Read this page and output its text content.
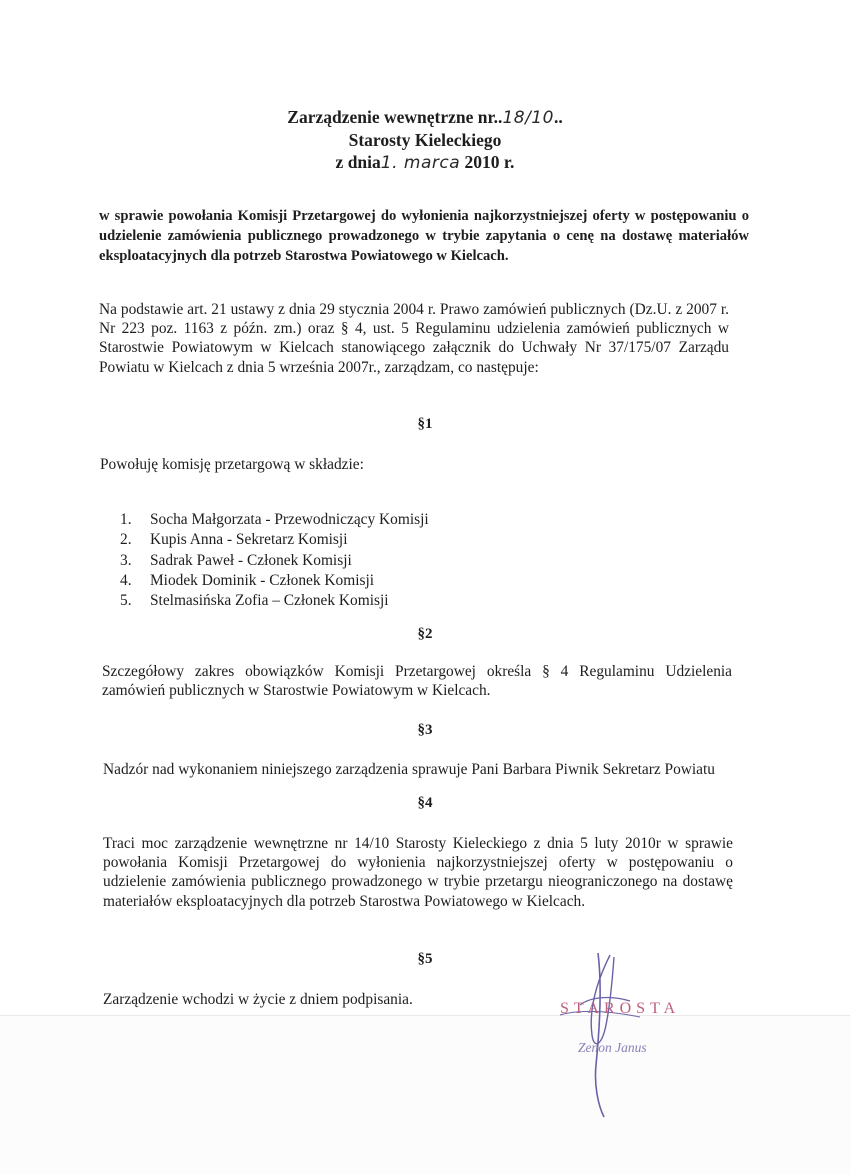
Zarządzenie wewnętrzne nr..18/10..
Starosty Kieleckiego
z dnia1. marca 2010 r.
w sprawie powołania Komisji Przetargowej do wyłonienia najkorzystniejszej oferty w postępowaniu o udzielenie zamówienia publicznego prowadzonego w trybie zapytania o cenę na dostawę materiałów eksploatacyjnych dla potrzeb Starostwa Powiatowego w Kielcach.
Na podstawie art. 21 ustawy z dnia 29 stycznia 2004 r. Prawo zamówień publicznych (Dz.U. z 2007 r. Nr 223 poz. 1163 z późn. zm.) oraz § 4, ust. 5 Regulaminu udzielenia zamówień publicznych w Starostwie Powiatowym w Kielcach stanowiącego załącznik do Uchwały Nr 37/175/07 Zarządu Powiatu w Kielcach z dnia 5 września 2007r., zarządzam, co następuje:
§1
Powołuję komisję przetargową w składzie:
1.	Socha Małgorzata - Przewodniczący Komisji
2.	Kupis Anna - Sekretarz Komisji
3.	Sadrak Paweł - Członek Komisji
4.	Miodek Dominik - Członek Komisji
5.	Stelmasińska Zofia – Członek Komisji
§2
Szczegółowy zakres obowiązków Komisji Przetargowej określa § 4 Regulaminu Udzielenia zamówień publicznych w Starostwie Powiatowym w Kielcach.
§3
Nadzór nad wykonaniem niniejszego zarządzenia sprawuje Pani Barbara Piwnik Sekretarz Powiatu
§4
Traci moc zarządzenie wewnętrzne nr 14/10 Starosty Kieleckiego z dnia 5 luty 2010r w sprawie powołania Komisji Przetargowej do wyłonienia najkorzystniejszej oferty w postępowaniu o udzielenie zamówienia publicznego prowadzonego w trybie przetargu nieograniczonego na dostawę materiałów eksploatacyjnych dla potrzeb Starostwa Powiatowego w Kielcach.
§5
Zarządzenie wchodzi w życie z dniem podpisania.
STAROSTA
Zenon Janus
